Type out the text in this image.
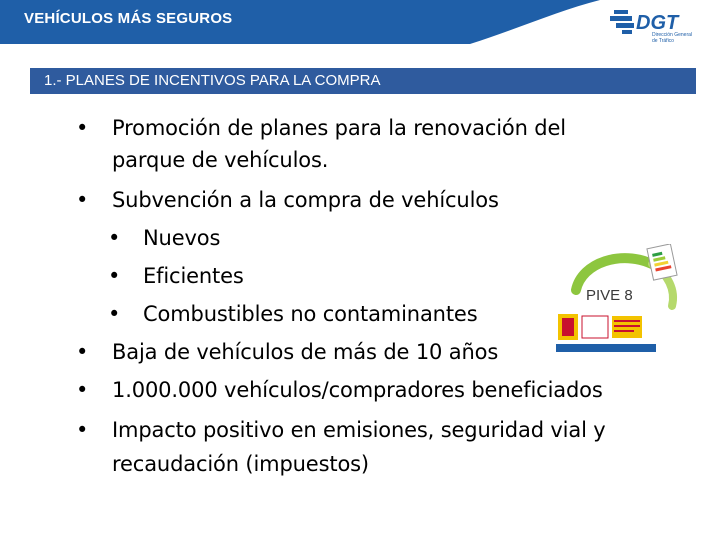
VEHÍCULOS MÁS SEGUROS	DGT
Dirección General
de Tráfico
1.- PLANES DE INCENTIVOS PARA LA COMPRA
• Promoción de planes para la renovación del
parque de vehículos.
• Subvención a la compra de vehículos
• Nuevos
• Eficientes
• Combustibles no contaminantes
• Baja de vehículos de más de 10 años
• 1.000.000 vehículos/compradores beneficiados
• Impacto positivo en emisiones, seguridad vial y
recaudación (impuestos)
PIVE 8
